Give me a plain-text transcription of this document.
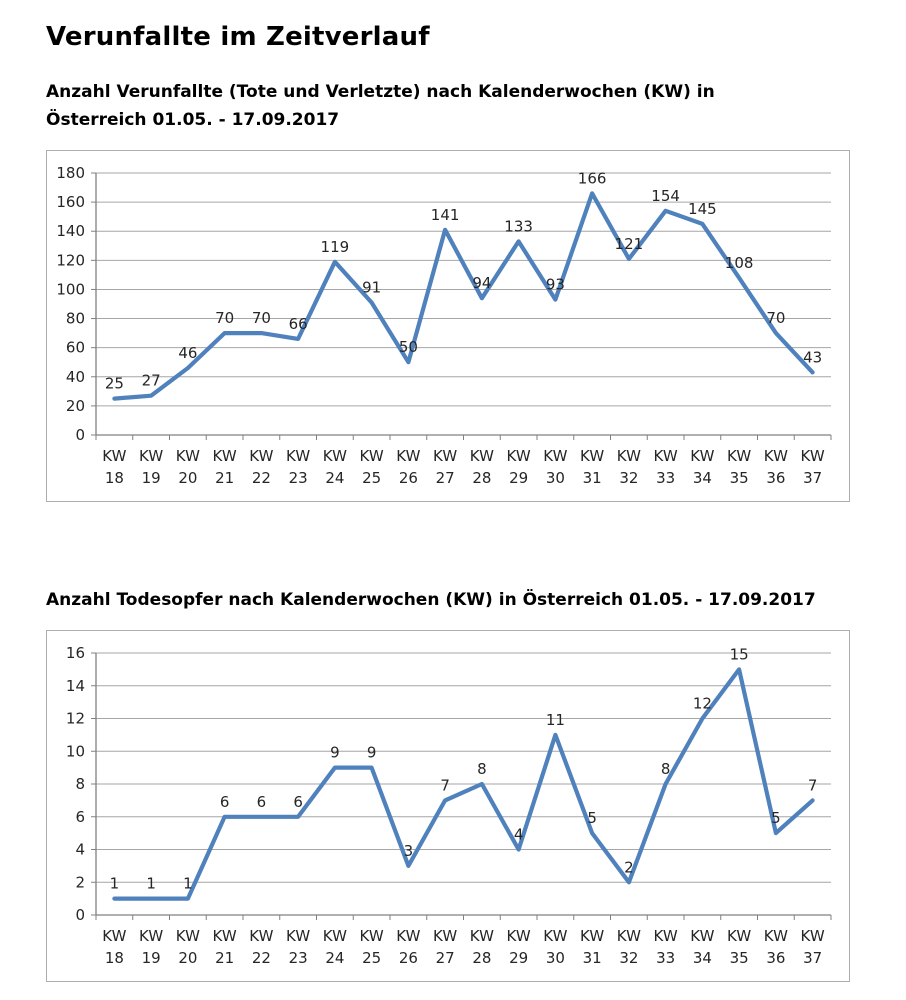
Verunfallte im Zeitverlauf

Anzahl Verunfallte (Tote und Verletzte) nach Kalenderwochen (KW) in Österreich 01.05. - 17.09.2017

0
20
40
60
80
100
120
140
160
180
KW
18
KW
19
KW
20
KW
21
KW
22
KW
23
KW
24
KW
25
KW
26
KW
27
KW
28
KW
29
KW
30
KW
31
KW
32
KW
33
KW
34
KW
35
KW
36
KW
37
25 27
46
70 70 66
119
91
50
141
94
133
93
166
121
154
145
108
70
43

Anzahl Todesopfer nach Kalenderwochen (KW) in Österreich 01.05. - 17.09.2017

0
2
4
6
8
10
12
14
16
KW
18
KW
19
KW
20
KW
21
KW
22
KW
23
KW
24
KW
25
KW
26
KW
27
KW
28
KW
29
KW
30
KW
31
KW
32
KW
33
KW
34
KW
35
KW
36
KW
37
1 1 1
6 6 6
9 9
3
7
8
4
11
5
2
8
12
15
5
7
